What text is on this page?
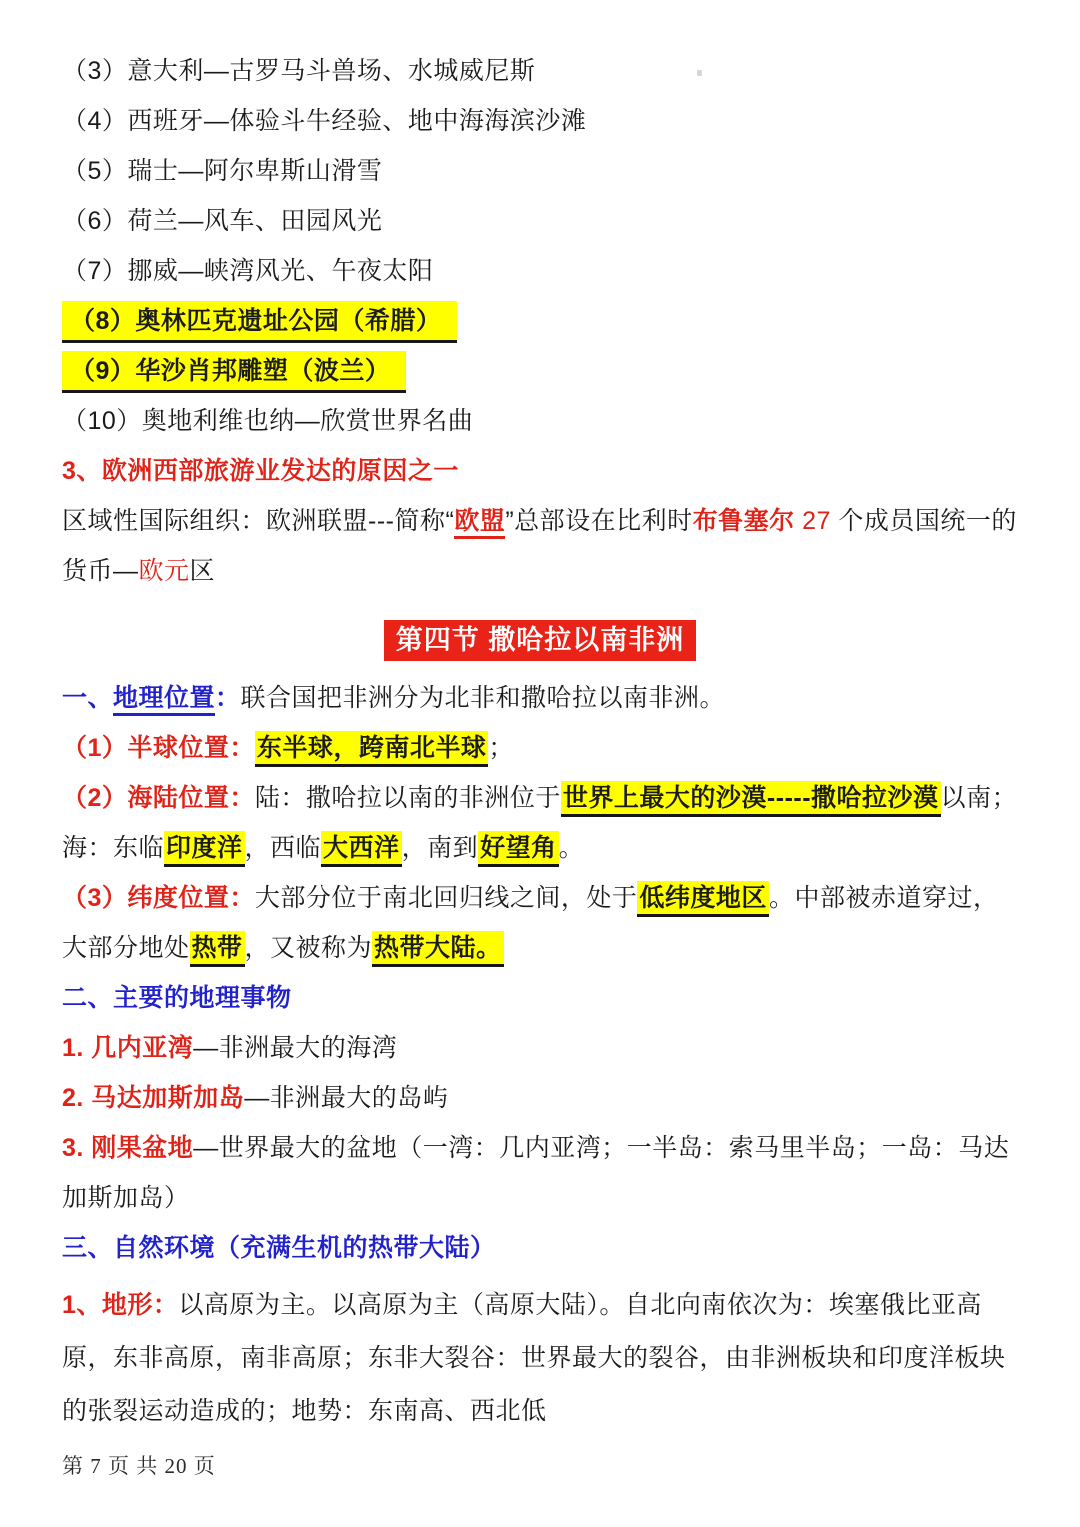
（3）意大利—古罗马斗兽场、水城威尼斯

（4）西班牙—体验斗牛经验、地中海海滨沙滩

（5）瑞士—阿尔卑斯山滑雪

（6）荷兰—风车、田园风光

（7）挪威—峡湾风光、午夜太阳

（8）奥林匹克遗址公园（希腊）

（9）华沙肖邦雕塑（波兰）

（10）奥地利维也纳—欣赏世界名曲

3、欧洲西部旅游业发达的原因之一

区域性国际组织：欧洲联盟---简称“欧盟”总部设在比利时布鲁塞尔 27 个成员国统一的货币—欧元区

第四节 撒哈拉以南非洲

一、地理位置：联合国把非洲分为北非和撒哈拉以南非洲。

（1）半球位置：东半球，跨南北半球；

（2）海陆位置：陆：撒哈拉以南的非洲位于世界上最大的沙漠-----撒哈拉沙漠以南；海：东临印度洋，西临大西洋，南到好望角。

（3）纬度位置：大部分位于南北回归线之间，处于低纬度地区。中部被赤道穿过，大部分地处热带，又被称为热带大陆。

二、主要的地理事物

1. 几内亚湾—非洲最大的海湾

2. 马达加斯加岛—非洲最大的岛屿

3. 刚果盆地—世界最大的盆地（一湾：几内亚湾；一半岛：索马里半岛；一岛：马达加斯加岛）

三、自然环境（充满生机的热带大陆）

1、地形：以高原为主。以高原为主（高原大陆）。自北向南依次为：埃塞俄比亚高原，东非高原，南非高原；东非大裂谷：世界最大的裂谷，由非洲板块和印度洋板块的张裂运动造成的；地势：东南高、西北低

第 7 页 共 20 页
